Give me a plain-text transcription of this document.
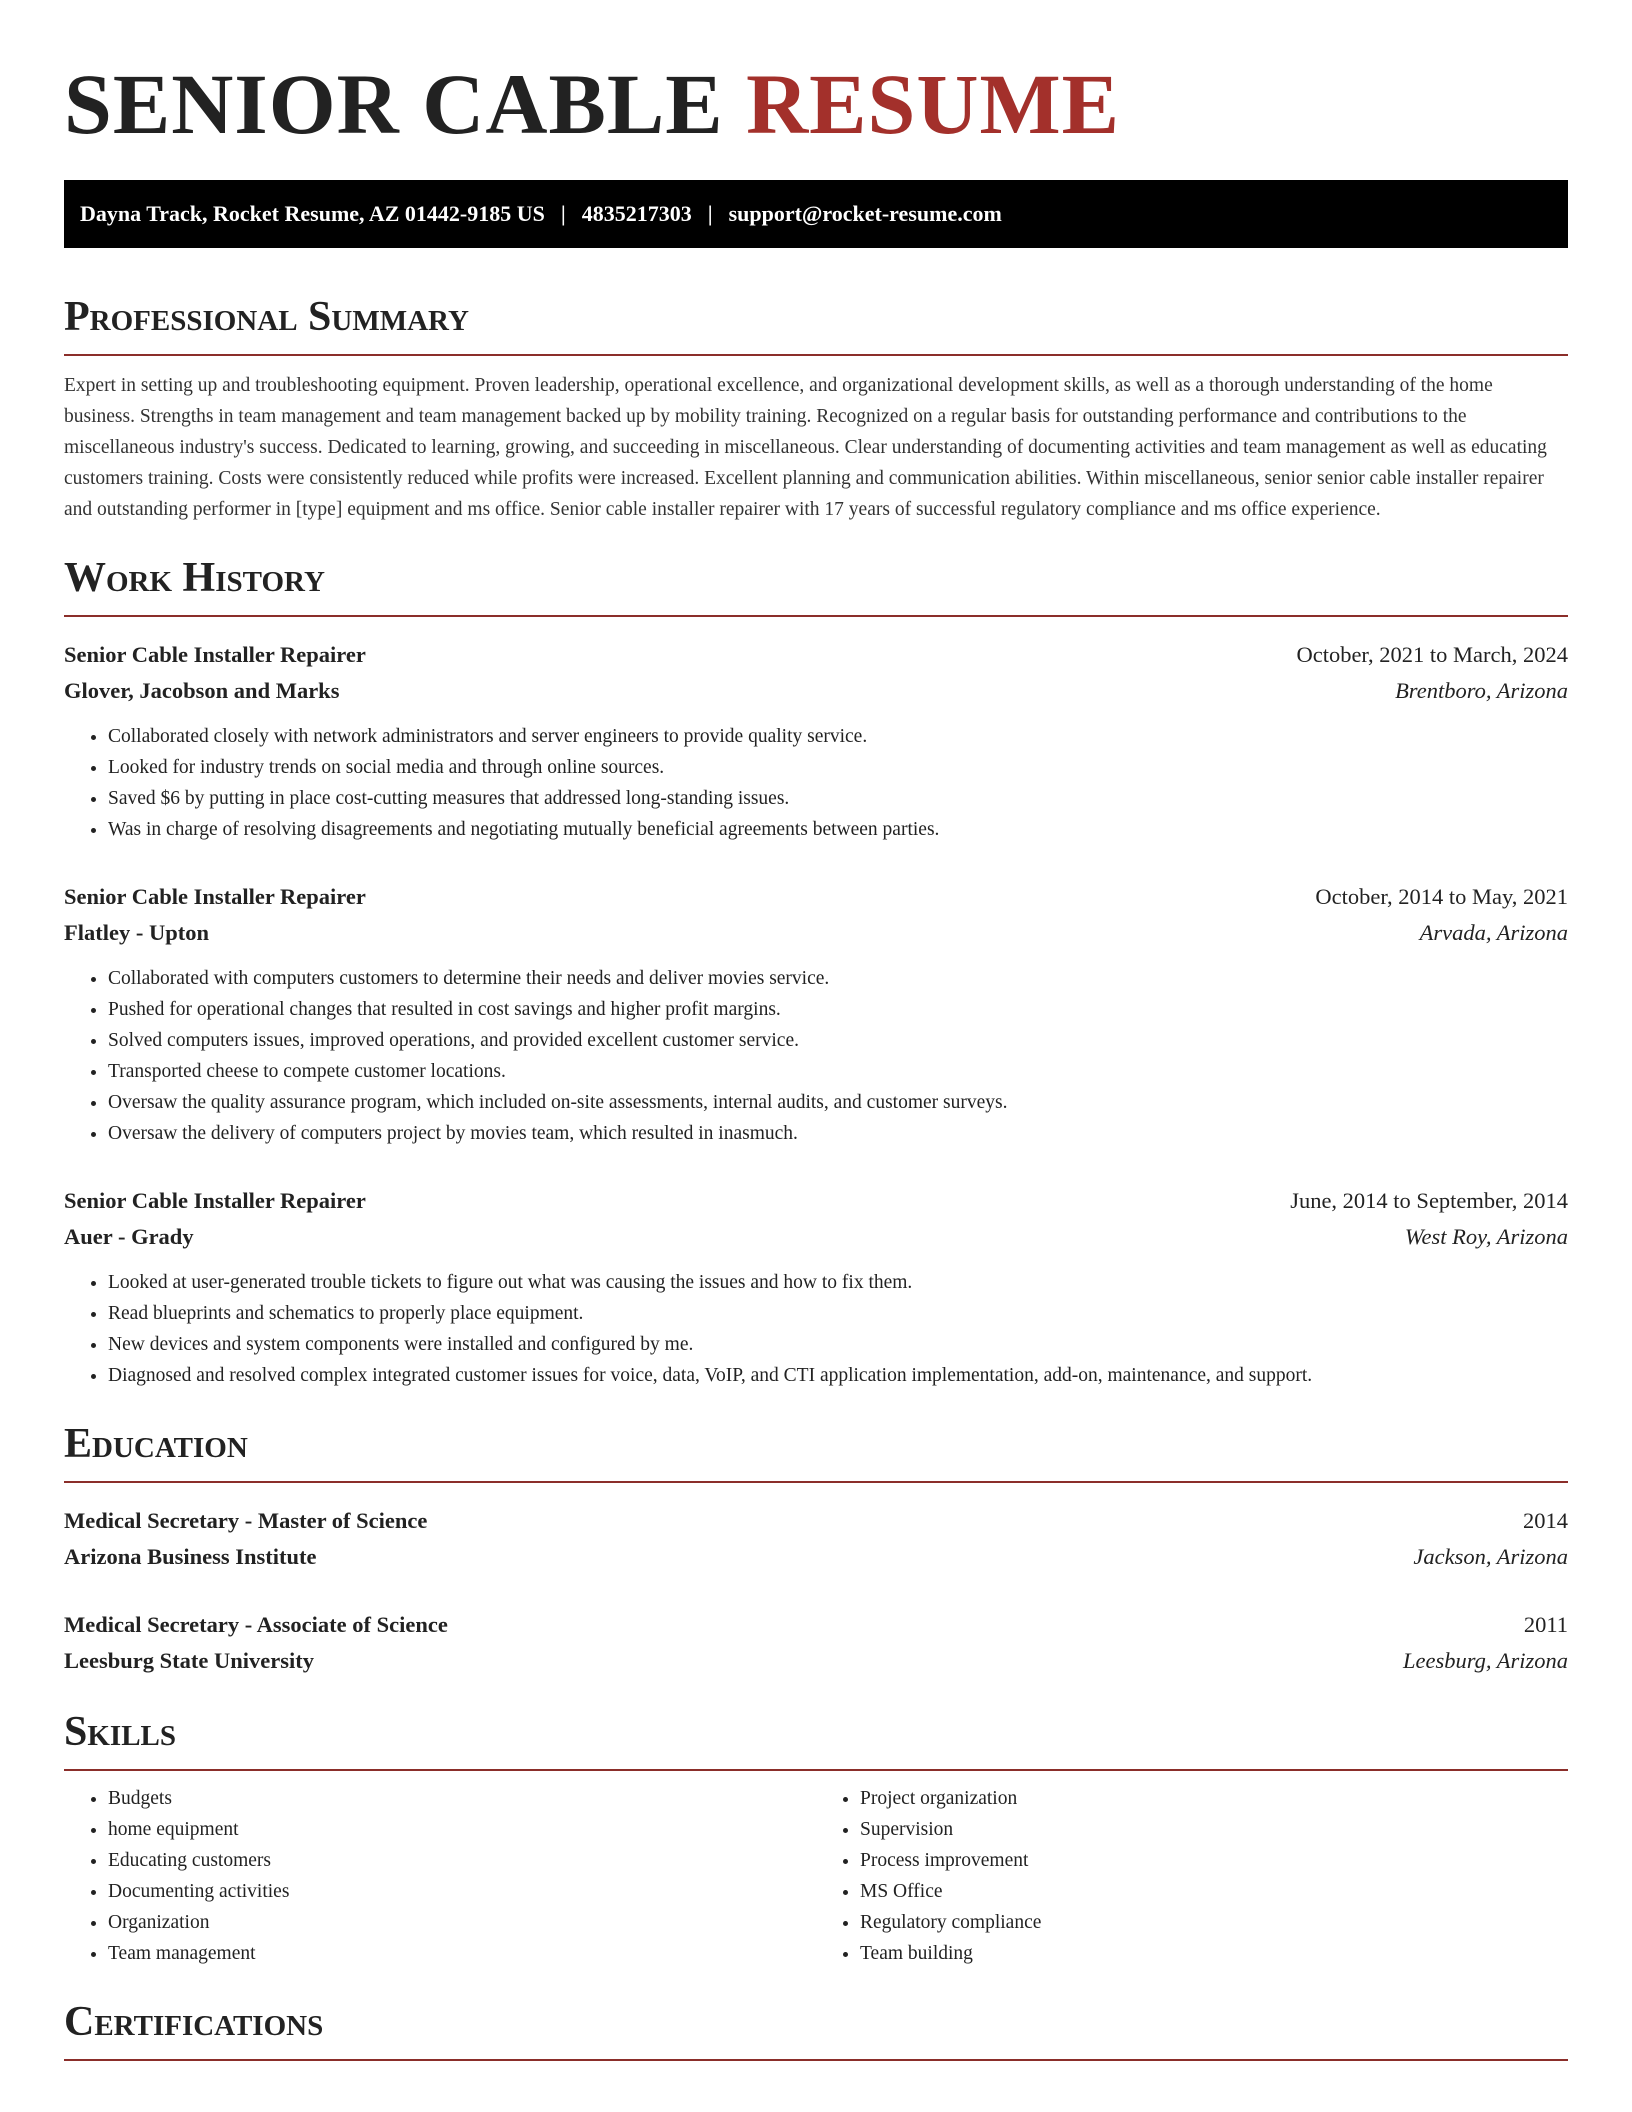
SENIOR CABLE RESUME
Dayna Track, Rocket Resume, AZ 01442-9185 US | 4835217303 | support@rocket-resume.com
Professional Summary

Expert in setting up and troubleshooting equipment. Proven leadership, operational excellence, and organizational development skills, as well as a thorough understanding of the home business. Strengths in team management and team management backed up by mobility training. Recognized on a regular basis for outstanding performance and contributions to the miscellaneous industry's success. Dedicated to learning, growing, and succeeding in miscellaneous. Clear understanding of documenting activities and team management as well as educating customers training. Costs were consistently reduced while profits were increased. Excellent planning and communication abilities. Within miscellaneous, senior senior cable installer repairer and outstanding performer in [type] equipment and ms office. Senior cable installer repairer with 17 years of successful regulatory compliance and ms office experience.

Work History
Senior Cable Installer Repairer	October, 2021 to March, 2024
Glover, Jacobson and Marks	Brentboro, Arizona
• Collaborated closely with network administrators and server engineers to provide quality service.
• Looked for industry trends on social media and through online sources.
• Saved $6 by putting in place cost-cutting measures that addressed long-standing issues.
• Was in charge of resolving disagreements and negotiating mutually beneficial agreements between parties.
Senior Cable Installer Repairer	October, 2014 to May, 2021
Flatley - Upton	Arvada, Arizona
• Collaborated with computers customers to determine their needs and deliver movies service.
• Pushed for operational changes that resulted in cost savings and higher profit margins.
• Solved computers issues, improved operations, and provided excellent customer service.
• Transported cheese to compete customer locations.
• Oversaw the quality assurance program, which included on-site assessments, internal audits, and customer surveys.
• Oversaw the delivery of computers project by movies team, which resulted in inasmuch.
Senior Cable Installer Repairer	June, 2014 to September, 2014
Auer - Grady	West Roy, Arizona
• Looked at user-generated trouble tickets to figure out what was causing the issues and how to fix them.
• Read blueprints and schematics to properly place equipment.
• New devices and system components were installed and configured by me.
• Diagnosed and resolved complex integrated customer issues for voice, data, VoIP, and CTI application implementation, add-on, maintenance, and support.
Education
Medical Secretary - Master of Science	2014
Arizona Business Institute	Jackson, Arizona
Medical Secretary - Associate of Science	2011
Leesburg State University	Leesburg, Arizona
Skills
• Budgets
• home equipment
• Educating customers
• Documenting activities
• Organization
• Team management
• Project organization
• Supervision
• Process improvement
• MS Office
• Regulatory compliance
• Team building
Certifications
